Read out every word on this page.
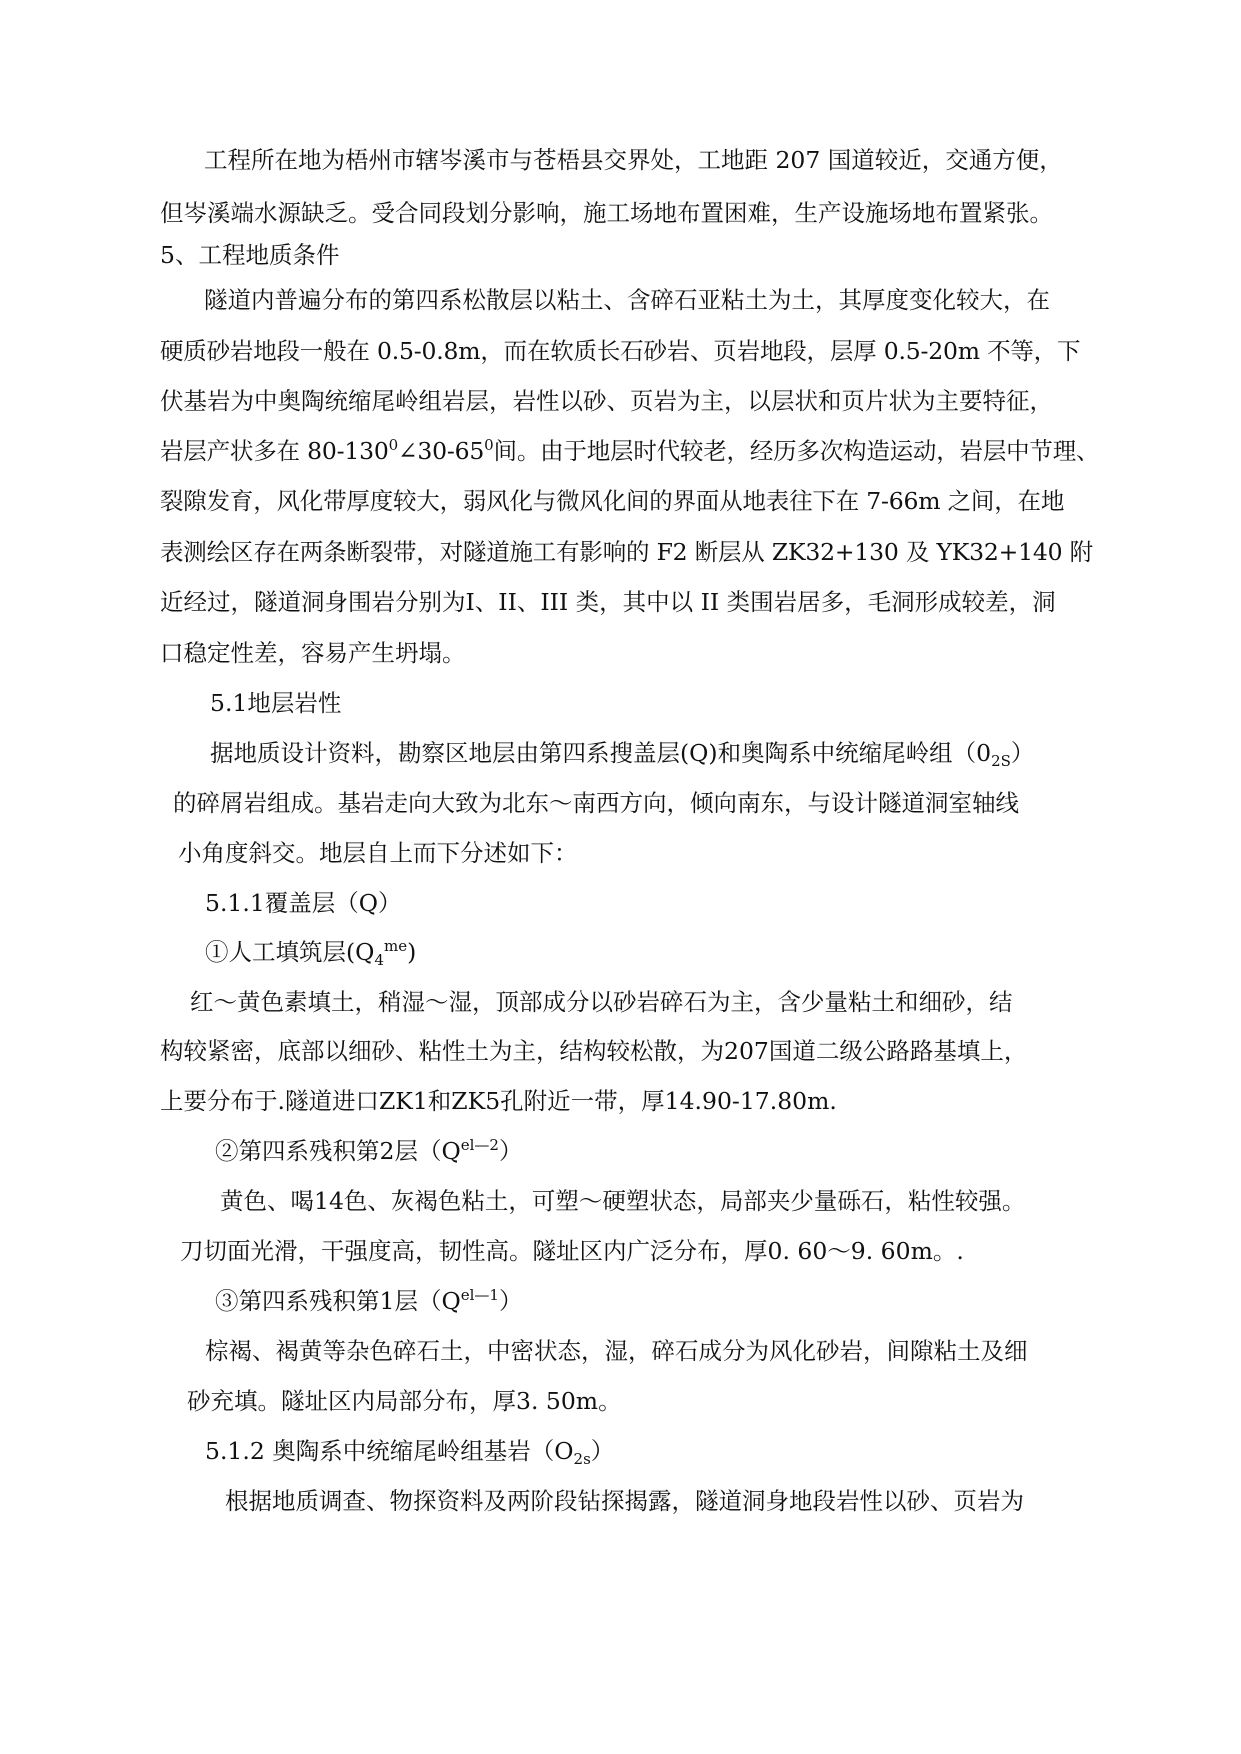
工程所在地为梧州市辖岑溪市与苍梧县交界处，工地距 207 国道较近，交通方便，

但岑溪端水源缺乏。受合同段划分影响，施工场地布置困难，生产设施场地布置紧张。

5、工程地质条件

隧道内普遍分布的第四系松散层以粘土、含碎石亚粘土为土，其厚度变化较大，在

硬质砂岩地段一般在 0.5-0.8m，而在软质长石砂岩、页岩地段，层厚 0.5-20m 不等，下

伏基岩为中奥陶统缩尾岭组岩层，岩性以砂、页岩为主，以层状和页片状为主要特征，

岩层产状多在 $80-130^0\angle 30-65^0$间。由于地层时代较老，经历多次构造运动，岩层中节理、

裂隙发育，风化带厚度较大，弱风化与微风化间的界面从地表往下在 7-66m 之间，在地

表测绘区存在两条断裂带，对隧道施工有影响的 F2 断层从 ZK32+130 及 YK32+140 附

近经过，隧道洞身围岩分别为Ⅰ、II、III 类，其中以 II 类围岩居多，毛洞形成较差，洞

口稳定性差，容易产生坍塌。

5.1地层岩性

据地质设计资料，勘察区地层由第四系搜盖层(Q)和奥陶系中统缩尾岭组$(0_{2S})$

的碎屑岩组成。基岩走向大致为北东～南西方向，倾向南东，与设计隧道洞室轴线

小角度斜交。地层自上而下分述如下：

5.1.1覆盖层（Q）

①人工填筑层$(Q_4^{me})$

红～黄色素填土，稍湿～湿，顶部成分以砂岩碎石为主，含少量粘土和细砂，结

构较紧密，底部以细砂、粘性土为主，结构较松散，为207国道二级公路路基填上，

上要分布于.隧道进口ZK1和ZK5孔附近一带，厚14.90-17.80m.

②第四系残积第2层$(Q^{el—2})$

黄色、喝14色、灰褐色粘土，可塑～硬塑状态，局部夹少量砾石，粘性较强。

刀切面光滑，干强度高，韧性高。隧址区内广泛分布，厚0. 60～9. 60m。.

③第四系残积第1层$(Q^{el—1})$

棕褐、褐黄等杂色碎石土，中密状态，湿，碎石成分为风化砂岩，间隙粘土及细

砂充填。隧址区内局部分布，厚3. 50m。

5.1.2 奥陶系中统缩尾岭组基岩$(O_{2s})$

根据地质调查、物探资料及两阶段钻探揭露，隧道洞身地段岩性以砂、页岩为
